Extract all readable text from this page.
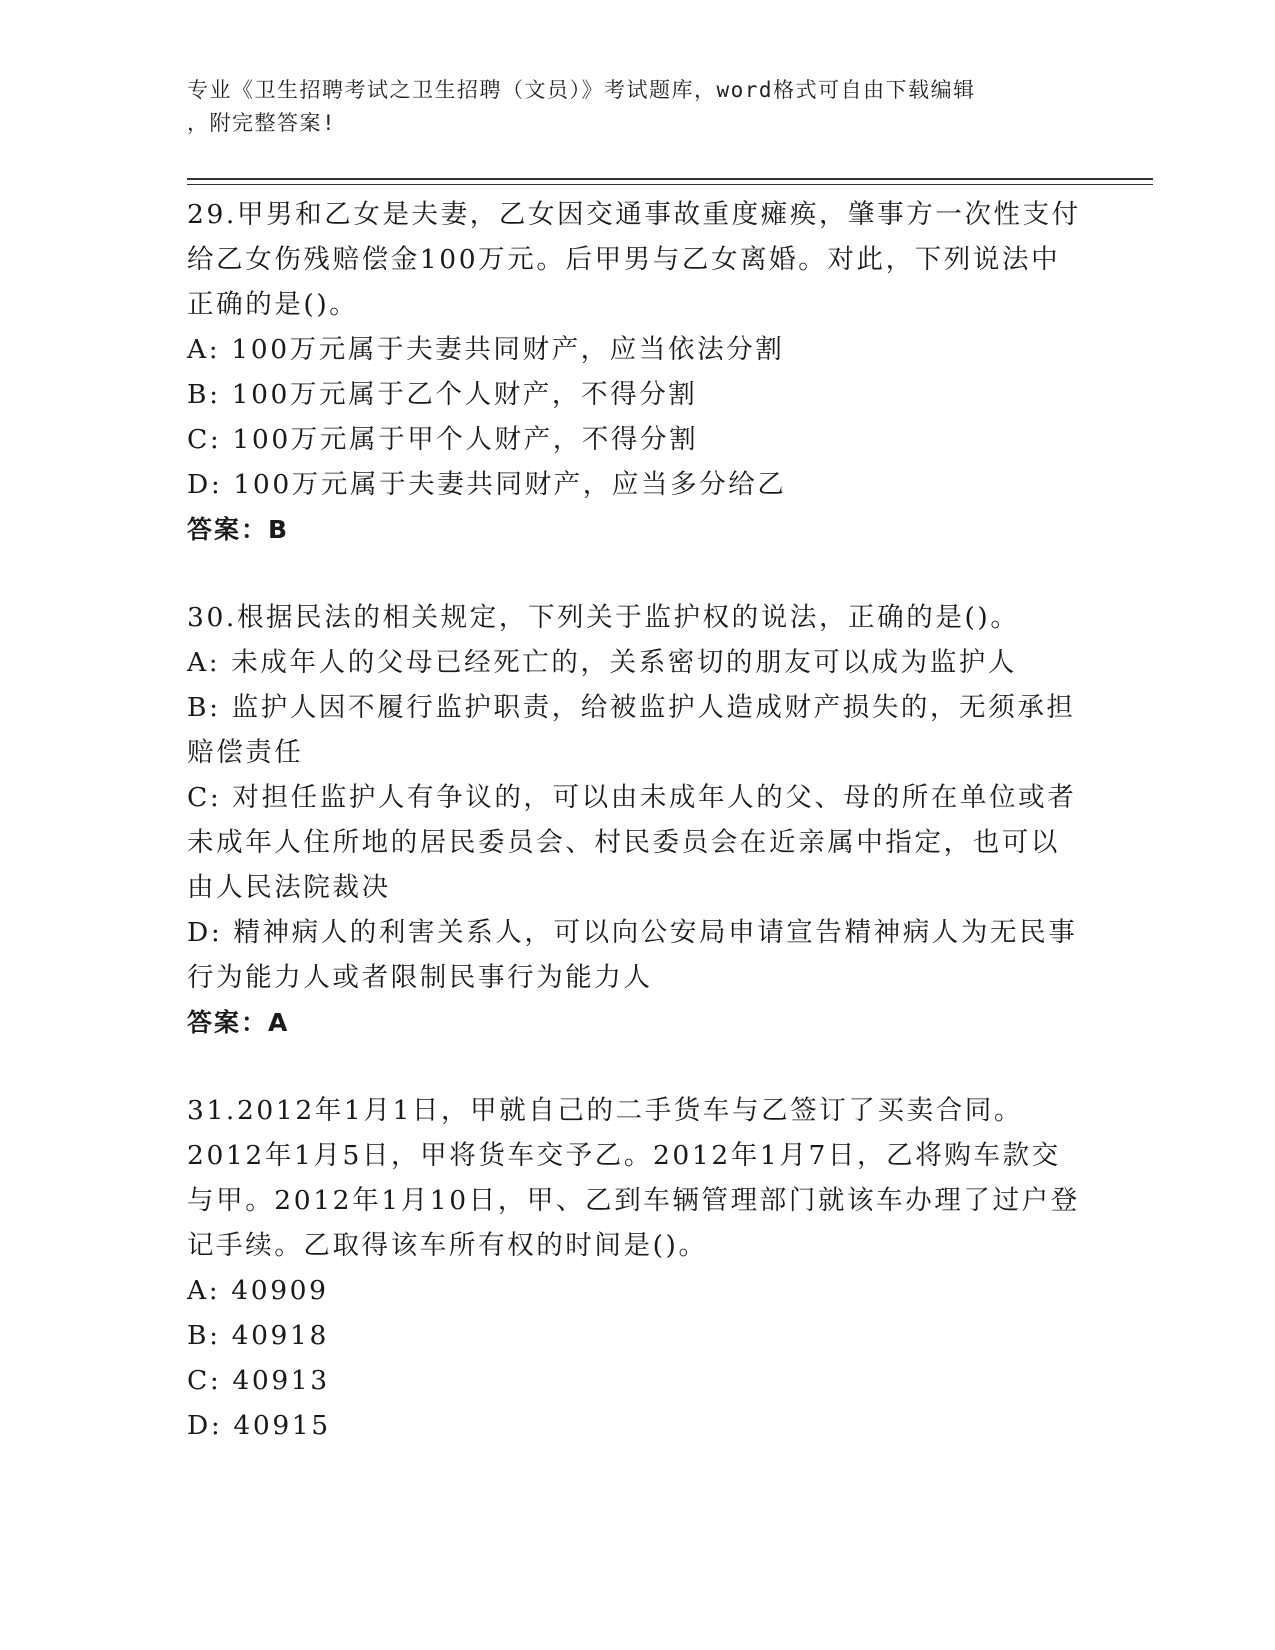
专业《卫生招聘考试之卫生招聘（文员）》考试题库，word格式可自由下载编辑

，附完整答案!

29.甲男和乙女是夫妻，乙女因交通事故重度瘫痪，肇事方一次性支付给乙女伤残赔偿金100万元。后甲男与乙女离婚。对此，下列说法中正确的是()。

A: 100万元属于夫妻共同财产，应当依法分割

B: 100万元属于乙个人财产，不得分割

C: 100万元属于甲个人财产，不得分割

D: 100万元属于夫妻共同财产，应当多分给乙

答案：B

30.根据民法的相关规定，下列关于监护权的说法，正确的是()。

A: 未成年人的父母已经死亡的，关系密切的朋友可以成为监护人

B: 监护人因不履行监护职责，给被监护人造成财产损失的，无须承担赔偿责任

C: 对担任监护人有争议的，可以由未成年人的父、母的所在单位或者未成年人住所地的居民委员会、村民委员会在近亲属中指定，也可以由人民法院裁决

D: 精神病人的利害关系人，可以向公安局申请宣告精神病人为无民事行为能力人或者限制民事行为能力人

答案：A

31.2012年1月1日，甲就自己的二手货车与乙签订了买卖合同。2012年1月5日，甲将货车交予乙。2012年1月7日，乙将购车款交与甲。2012年1月10日，甲、乙到车辆管理部门就该车办理了过户登记手续。乙取得该车所有权的时间是()。

A: 40909

B: 40918

C: 40913

D: 40915
